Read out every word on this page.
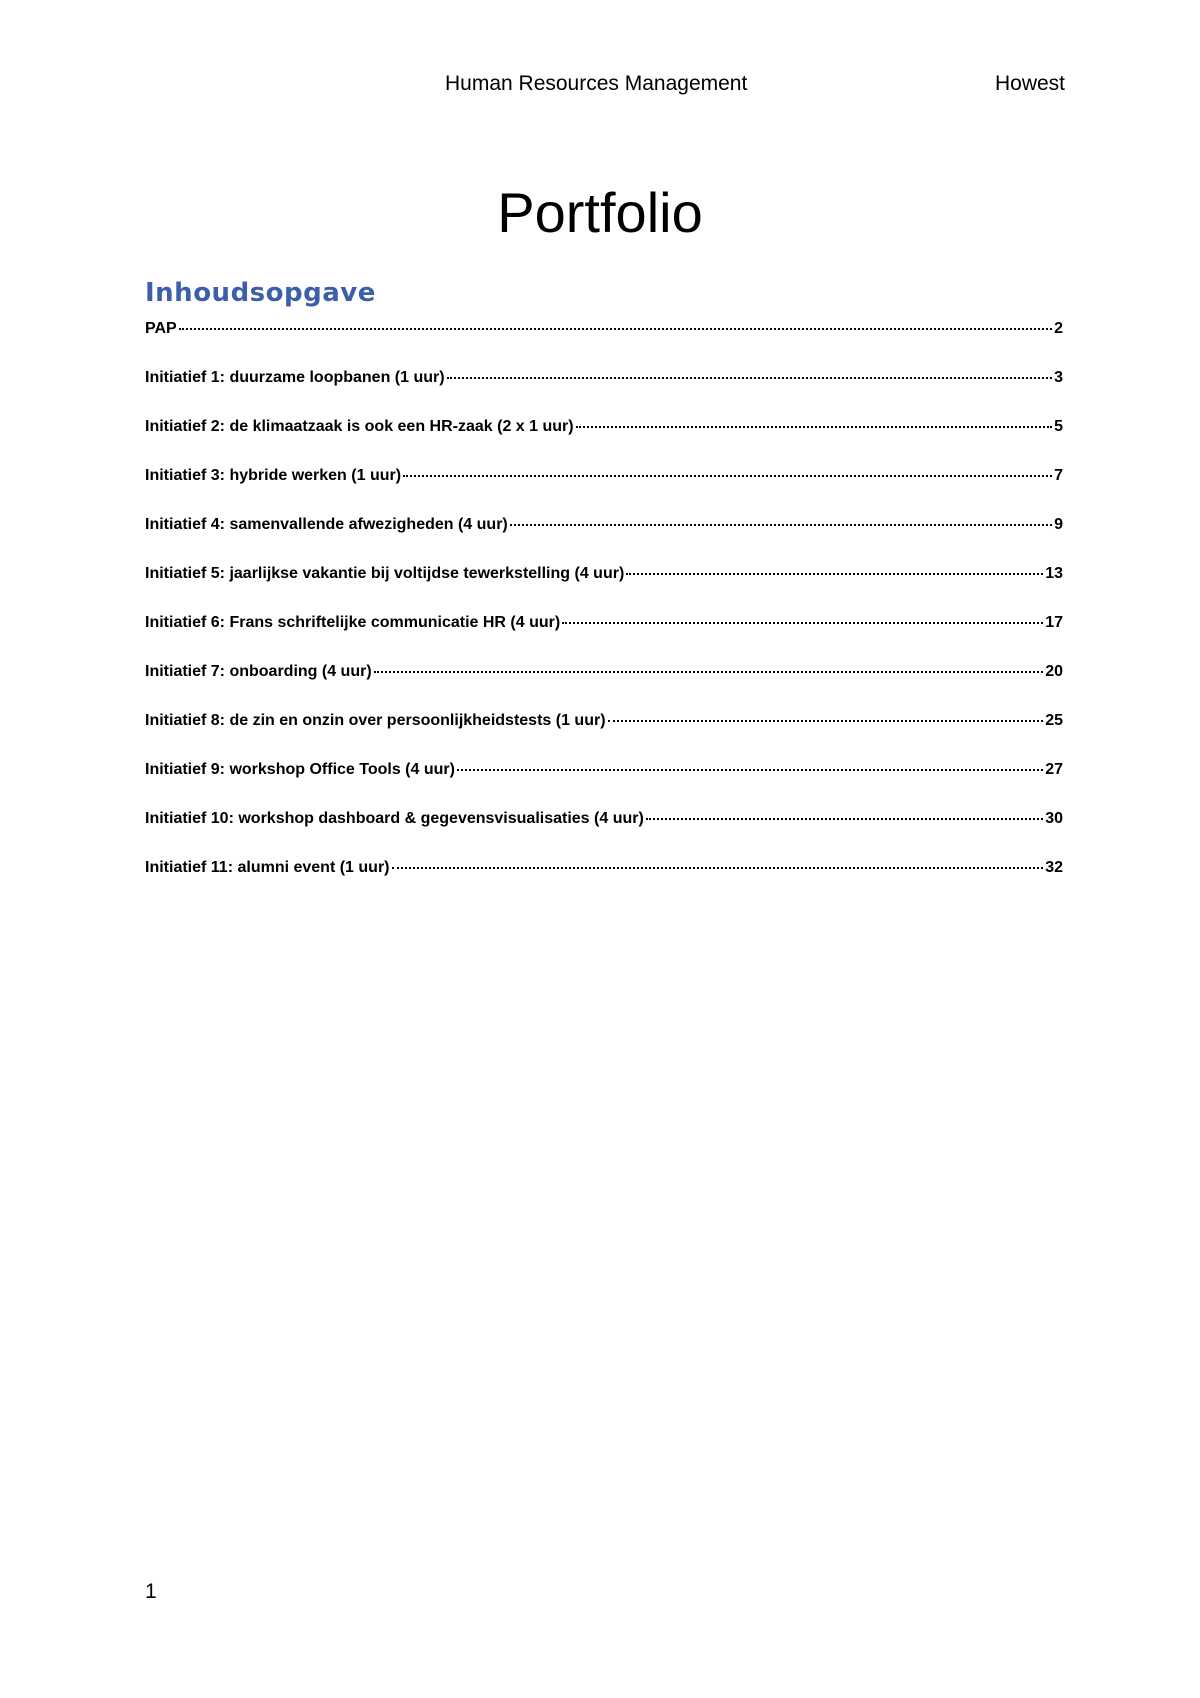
Human Resources Management	Howest
Portfolio
Inhoudsopgave
PAP	2
Initiatief 1: duurzame loopbanen (1 uur)	3
Initiatief 2: de klimaatzaak is ook een HR-zaak (2 x 1 uur)	5
Initiatief 3: hybride werken (1 uur)	7
Initiatief 4: samenvallende afwezigheden (4 uur)	9
Initiatief 5: jaarlijkse vakantie bij voltijdse tewerkstelling (4 uur)	13
Initiatief 6: Frans schriftelijke communicatie HR (4 uur)	17
Initiatief 7: onboarding (4 uur)	20
Initiatief 8: de zin en onzin over persoonlijkheidstests (1 uur)	25
Initiatief 9: workshop Office Tools (4 uur)	27
Initiatief 10: workshop dashboard & gegevensvisualisaties (4 uur)	30
Initiatief 11: alumni event (1 uur)	32
1
